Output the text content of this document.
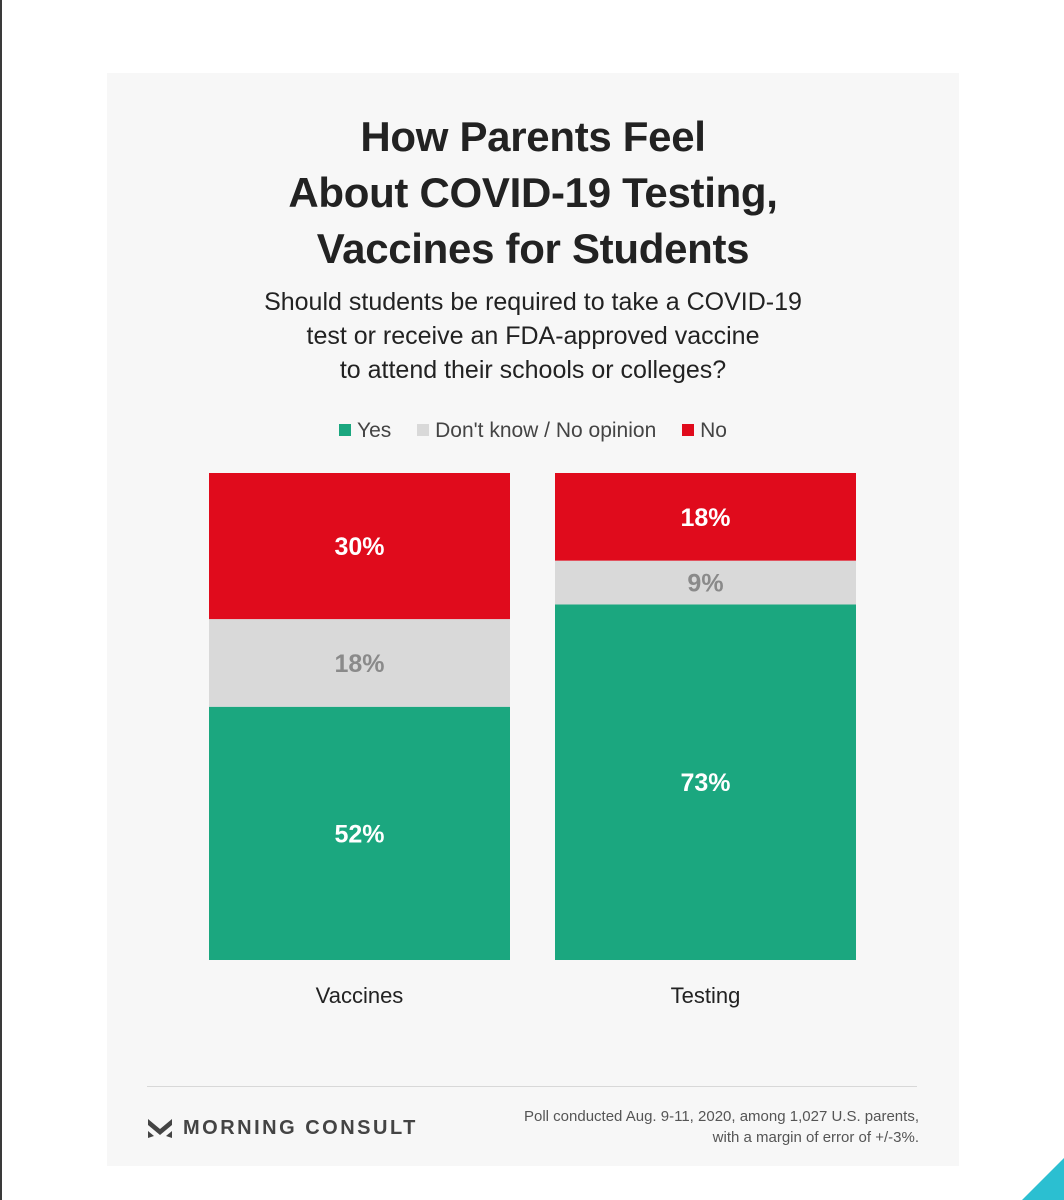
How Parents Feel
About COVID-19 Testing,
Vaccines for Students
Should students be required to take a COVID-19
test or receive an FDA-approved vaccine
to attend their schools or colleges?
Yes Don't know / No opinion No
52%
18%
30%
Vaccines
73%
9%
18%
Testing
MORNING CONSULT	Poll conducted Aug. 9-11, 2020, among 1,027 U.S. parents,
with a margin of error of +/-3%.
